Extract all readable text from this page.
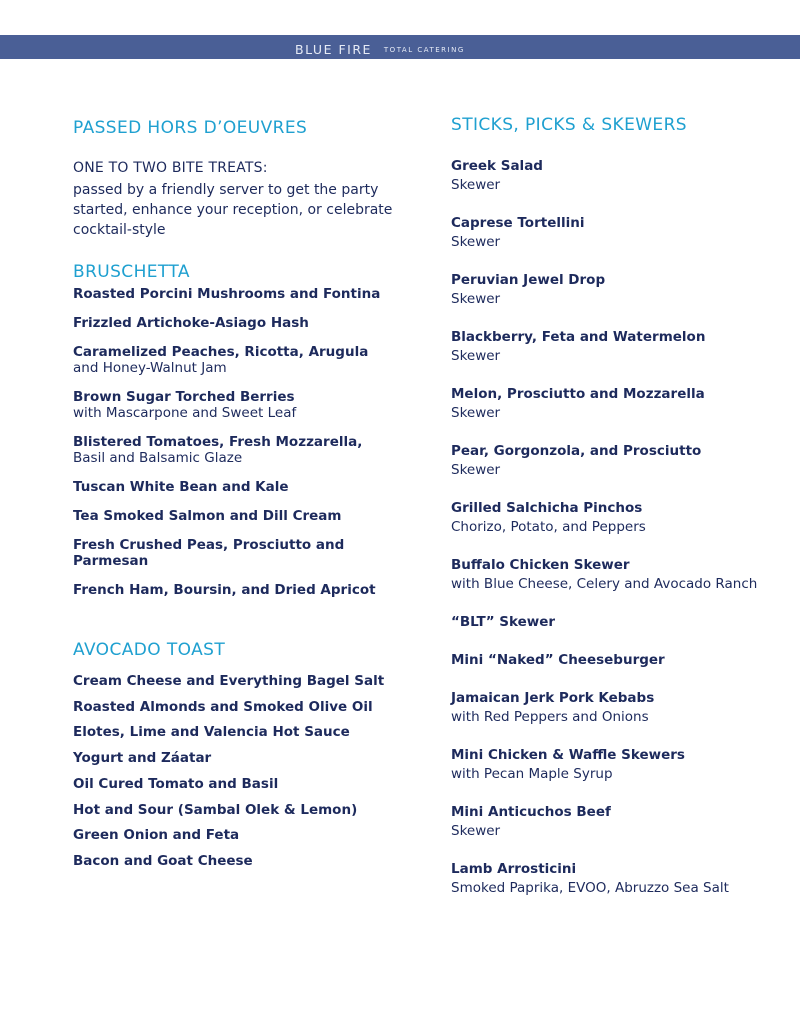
BLUE FIRE TOTAL CATERING
PASSED HORS D’OEUVRES
ONE TO TWO BITE TREATS:
passed by a friendly server to get the party
started, enhance your reception, or celebrate
cocktail-style
BRUSCHETTA
Roasted Porcini Mushrooms and Fontina
Frizzled Artichoke-Asiago Hash
Caramelized Peaches, Ricotta, Arugula
and Honey-Walnut Jam
Brown Sugar Torched Berries
with Mascarpone and Sweet Leaf
Blistered Tomatoes, Fresh Mozzarella,
Basil and Balsamic Glaze
Tuscan White Bean and Kale
Tea Smoked Salmon and Dill Cream
Fresh Crushed Peas, Prosciutto and
Parmesan
French Ham, Boursin, and Dried Apricot
AVOCADO TOAST
Cream Cheese and Everything Bagel Salt
Roasted Almonds and Smoked Olive Oil
Elotes, Lime and Valencia Hot Sauce
Yogurt and Záatar
Oil Cured Tomato and Basil
Hot and Sour (Sambal Olek & Lemon)
Green Onion and Feta
Bacon and Goat Cheese
STICKS, PICKS & SKEWERS
Greek Salad
Skewer
Caprese Tortellini
Skewer
Peruvian Jewel Drop
Skewer
Blackberry, Feta and Watermelon
Skewer
Melon, Prosciutto and Mozzarella
Skewer
Pear, Gorgonzola, and Prosciutto
Skewer
Grilled Salchicha Pinchos
Chorizo, Potato, and Peppers
Buffalo Chicken Skewer
with Blue Cheese, Celery and Avocado Ranch
“BLT” Skewer
Mini “Naked” Cheeseburger
Jamaican Jerk Pork Kebabs
with Red Peppers and Onions
Mini Chicken & Waffle Skewers
with Pecan Maple Syrup
Mini Anticuchos Beef
Skewer
Lamb Arrosticini
Smoked Paprika, EVOO, Abruzzo Sea Salt
